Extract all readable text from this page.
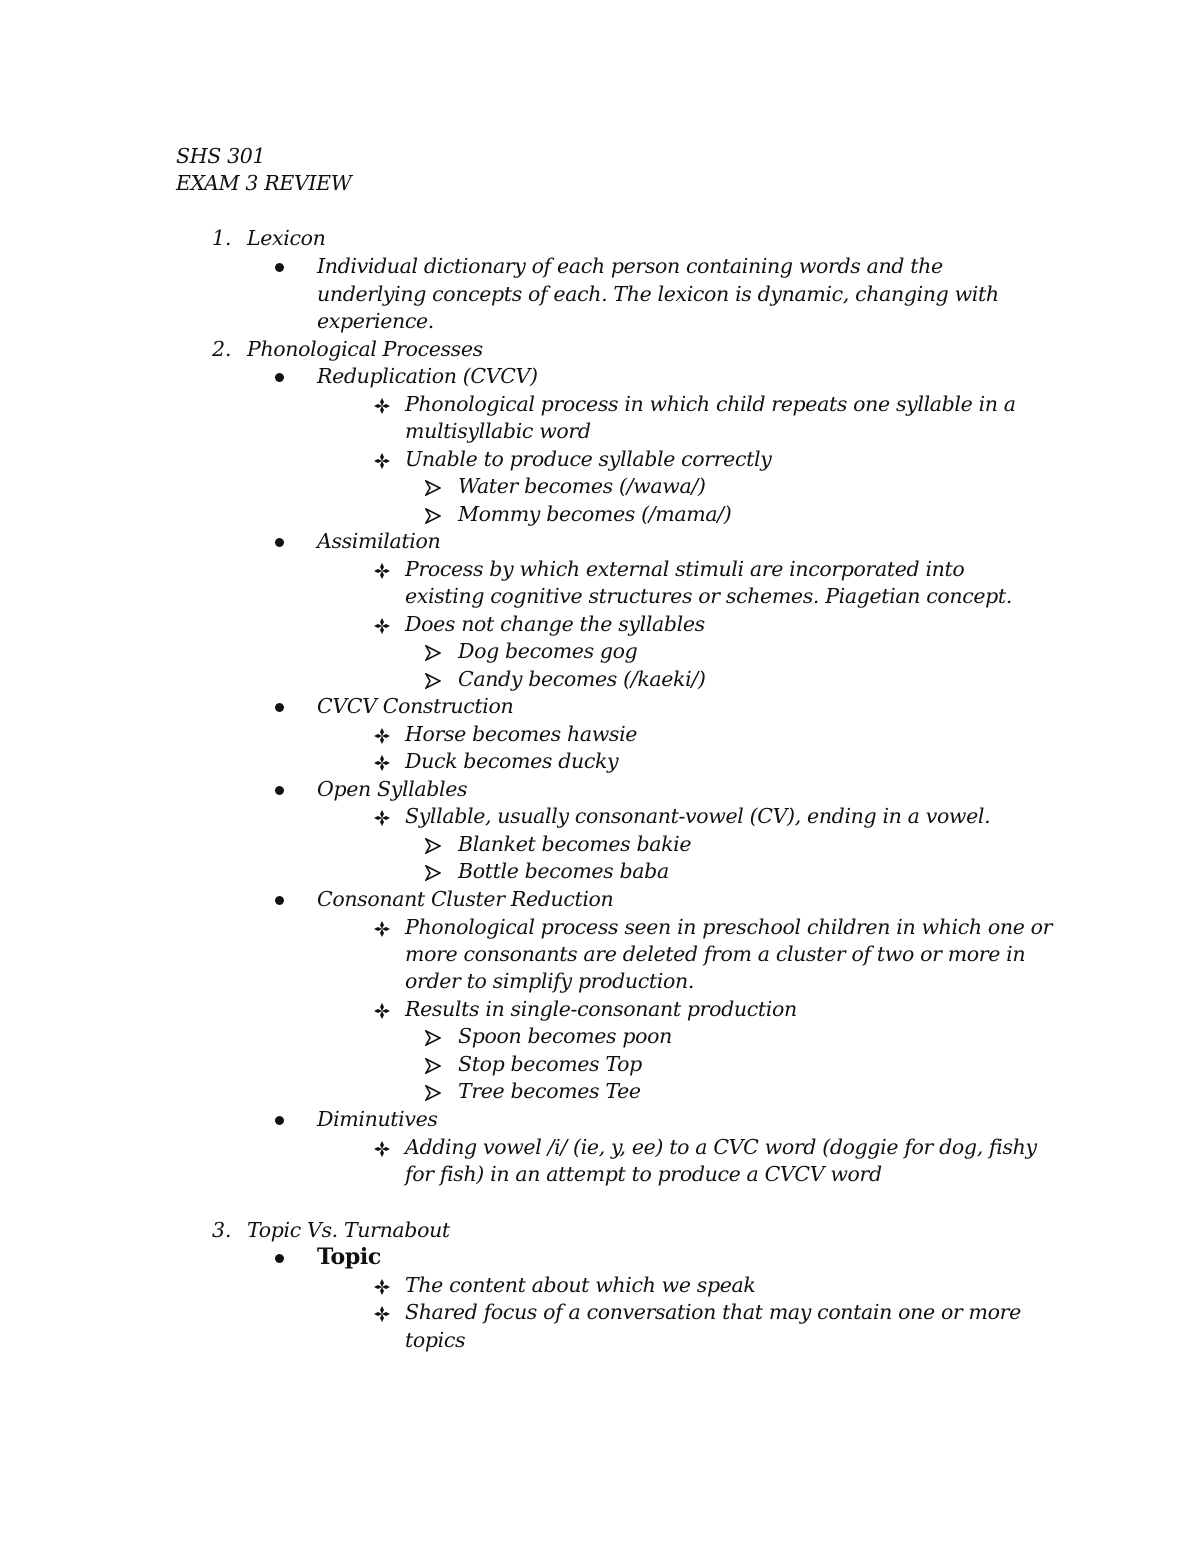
SHS 301
EXAM 3 REVIEW
1. Lexicon
Individual dictionary of each person containing words and the
underlying concepts of each. The lexicon is dynamic, changing with
experience.
2. Phonological Processes
Reduplication (CVCV)
Phonological process in which child repeats one syllable in a
multisyllabic word
Unable to produce syllable correctly
Water becomes (/wawa/)
Mommy becomes (/mama/)
Assimilation
Process by which external stimuli are incorporated into
existing cognitive structures or schemes. Piagetian concept.
Does not change the syllables
Dog becomes gog
Candy becomes (/kaeki/)
CVCV Construction
Horse becomes hawsie
Duck becomes ducky
Open Syllables
Syllable, usually consonant-vowel (CV), ending in a vowel.
Blanket becomes bakie
Bottle becomes baba
Consonant Cluster Reduction
Phonological process seen in preschool children in which one or
more consonants are deleted from a cluster of two or more in
order to simplify production.
Results in single-consonant production
Spoon becomes poon
Stop becomes Top
Tree becomes Tee
Diminutives
Adding vowel /i/ (ie, y, ee) to a CVC word (doggie for dog, fishy
for fish) in an attempt to produce a CVCV word
3. Topic Vs. Turnabout
Topic
The content about which we speak
Shared focus of a conversation that may contain one or more
topics
